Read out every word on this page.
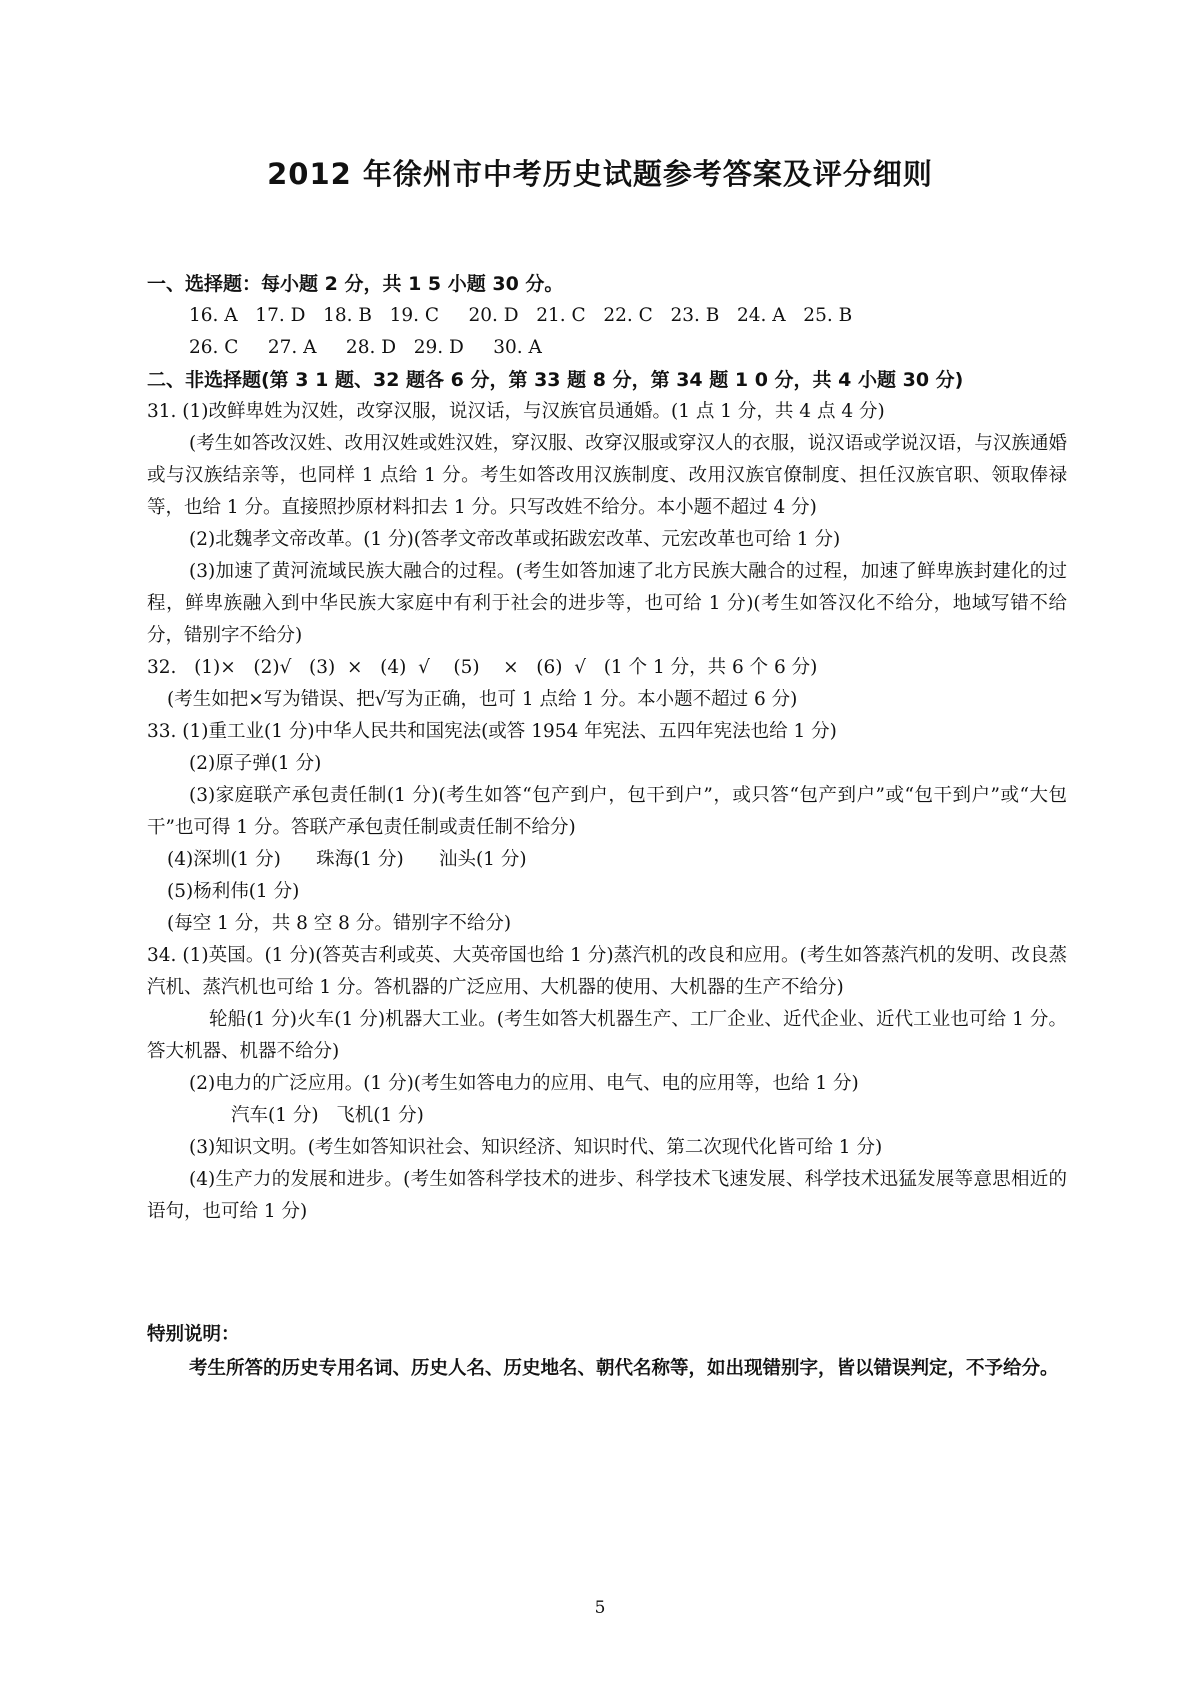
2012 年徐州市中考历史试题参考答案及评分细则
一、选择题：每小题 2 分，共 1 5 小题 30 分。
16. A   17. D   18. B   19. C     20. D   21. C   22. C   23. B   24. A   25. B
26. C     27. A     28. D   29. D     30. A
二、非选择题(第 3 1 题、32 题各 6 分，第 33 题 8 分，第 34 题 1 0 分，共 4 小题 30 分)
31. (1)改鲜卑姓为汉姓，改穿汉服，说汉话，与汉族官员通婚。(1 点 1 分，共 4 点 4 分)
(考生如答改汉姓、改用汉姓或姓汉姓，穿汉服、改穿汉服或穿汉人的衣服，说汉语或学说汉语，与汉族通婚或与汉族结亲等，也同样 1 点给 1 分。考生如答改用汉族制度、改用汉族官僚制度、担任汉族官职、领取俸禄等，也给 1 分。直接照抄原材料扣去 1 分。只写改姓不给分。本小题不超过 4 分)
(2)北魏孝文帝改革。(1 分)(答孝文帝改革或拓跋宏改革、元宏改革也可给 1 分)
(3)加速了黄河流域民族大融合的过程。(考生如答加速了北方民族大融合的过程，加速了鲜卑族封建化的过程，鲜卑族融入到中华民族大家庭中有利于社会的进步等，也可给 1 分)(考生如答汉化不给分，地域写错不给分，错别字不给分)
32.   (1)×   (2)√   (3)  ×   (4)  √    (5)    ×   (6)  √   (1 个 1 分，共 6 个 6 分)
(考生如把×写为错误、把√写为正确，也可 1 点给 1 分。本小题不超过 6 分)
33. (1)重工业(1 分)中华人民共和国宪法(或答 1954 年宪法、五四年宪法也给 1 分)
(2)原子弹(1 分)
(3)家庭联产承包责任制(1 分)(考生如答“包产到户，包干到户”，或只答“包产到户”或“包干到户”或“大包干”也可得 1 分。答联产承包责任制或责任制不给分)
(4)深圳(1 分)      珠海(1 分)      汕头(1 分)
(5)杨利伟(1 分)
(每空 1 分，共 8 空 8 分。错别字不给分)
34. (1)英国。(1 分)(答英吉利或英、大英帝国也给 1 分)蒸汽机的改良和应用。(考生如答蒸汽机的发明、改良蒸汽机、蒸汽机也可给 1 分。答机器的广泛应用、大机器的使用、大机器的生产不给分)
轮船(1 分)火车(1 分)机器大工业。(考生如答大机器生产、工厂企业、近代企业、近代工业也可给 1 分。答大机器、机器不给分)
(2)电力的广泛应用。(1 分)(考生如答电力的应用、电气、电的应用等，也给 1 分)
汽车(1 分)   飞机(1 分)
(3)知识文明。(考生如答知识社会、知识经济、知识时代、第二次现代化皆可给 1 分)
(4)生产力的发展和进步。(考生如答科学技术的进步、科学技术飞速发展、科学技术迅猛发展等意思相近的语句，也可给 1 分)
特别说明：
考生所答的历史专用名词、历史人名、历史地名、朝代名称等，如出现错别字，皆以错误判定，不予给分。
5
